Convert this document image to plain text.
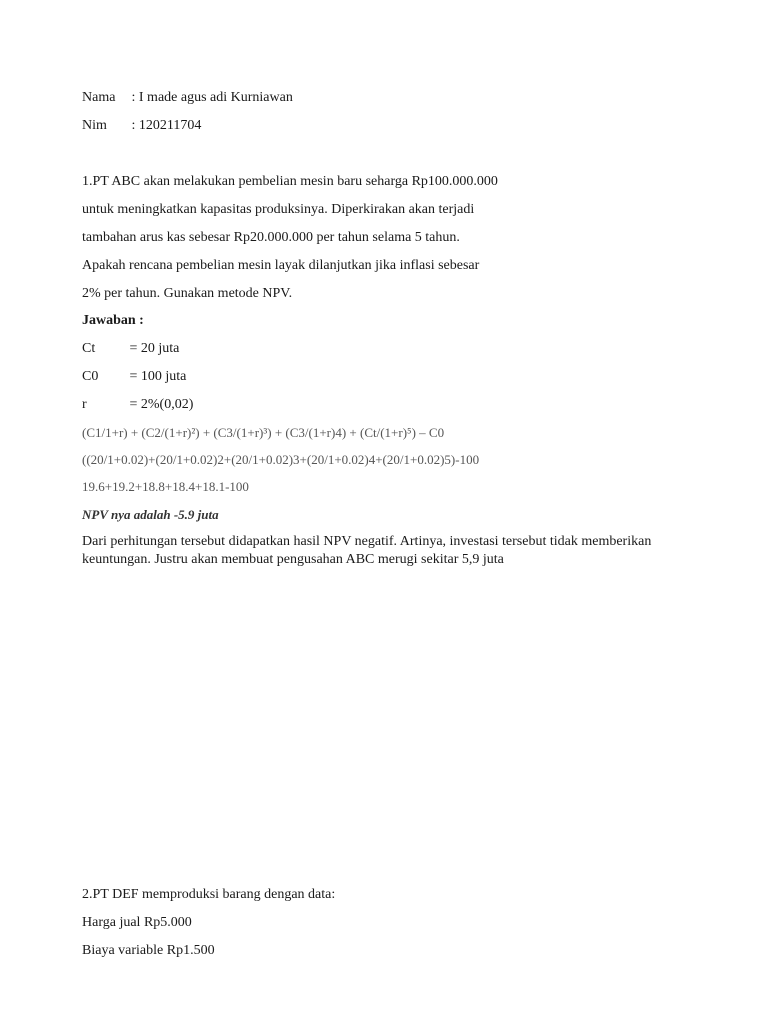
Nama : I made agus adi Kurniawan
Nim : 120211704
1.PT ABC akan melakukan pembelian mesin baru seharga Rp100.000.000
untuk meningkatkan kapasitas produksinya. Diperkirakan akan terjadi
tambahan arus kas sebesar Rp20.000.000 per tahun selama 5 tahun.
Apakah rencana pembelian mesin layak dilanjutkan jika inflasi sebesar
2% per tahun. Gunakan metode NPV.
Jawaban :
Ct = 20 juta
C0 = 100 juta
r	= 2%(0,02)
(C1/1+r) + (C2/(1+r)²) + (C3/(1+r)³) + (C3/(1+r)4) + (Ct/(1+r)⁵) – C0
((20/1+0.02)+(20/1+0.02)2+(20/1+0.02)3+(20/1+0.02)4+(20/1+0.02)5)-100
19.6+19.2+18.8+18.4+18.1-100
NPV nya adalah -5.9 juta
Dari perhitungan tersebut didapatkan hasil NPV negatif. Artinya, investasi tersebut tidak memberikan keuntungan. Justru akan membuat pengusahan ABC merugi sekitar 5,9 juta
2.PT DEF memproduksi barang dengan data:
Harga jual Rp5.000
Biaya variable Rp1.500
